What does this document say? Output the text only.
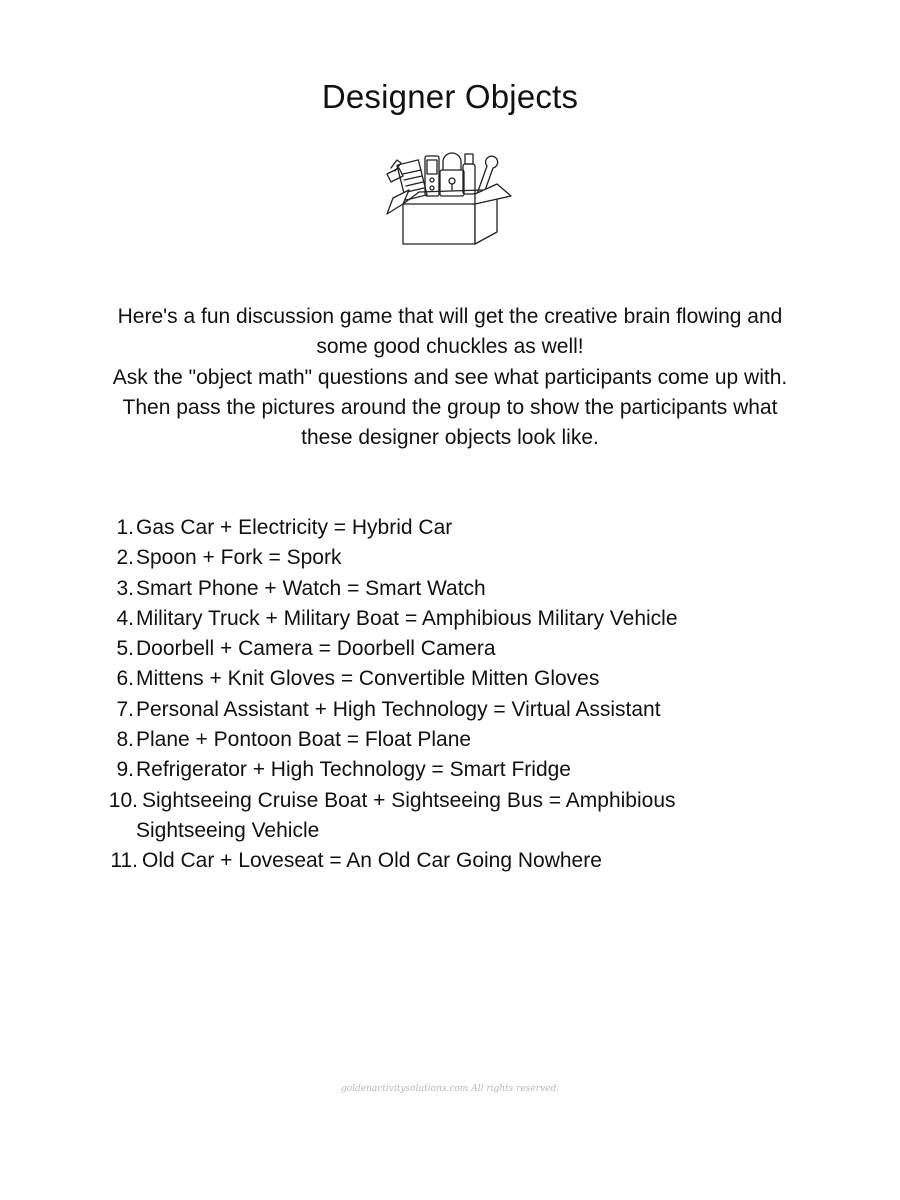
Designer Objects

Here's a fun discussion game that will get the creative brain flowing and some good chuckles as well!

Ask the "object math" questions and see what participants come up with.

Then pass the pictures around the group to show the participants what these designer objects look like.

1. Gas Car + Electricity = Hybrid Car
2. Spoon + Fork = Spork
3. Smart Phone + Watch = Smart Watch
4. Military Truck + Military Boat = Amphibious Military Vehicle
5. Doorbell + Camera = Doorbell Camera
6. Mittens + Knit Gloves = Convertible Mitten Gloves
7. Personal Assistant + High Technology = Virtual Assistant
8. Plane + Pontoon Boat = Float Plane
9. Refrigerator + High Technology = Smart Fridge
10. Sightseeing Cruise Boat + Sightseeing Bus = Amphibious Sightseeing Vehicle
11. Old Car + Loveseat = An Old Car Going Nowhere
goldenactivitysolutions.com All rights reserved.
